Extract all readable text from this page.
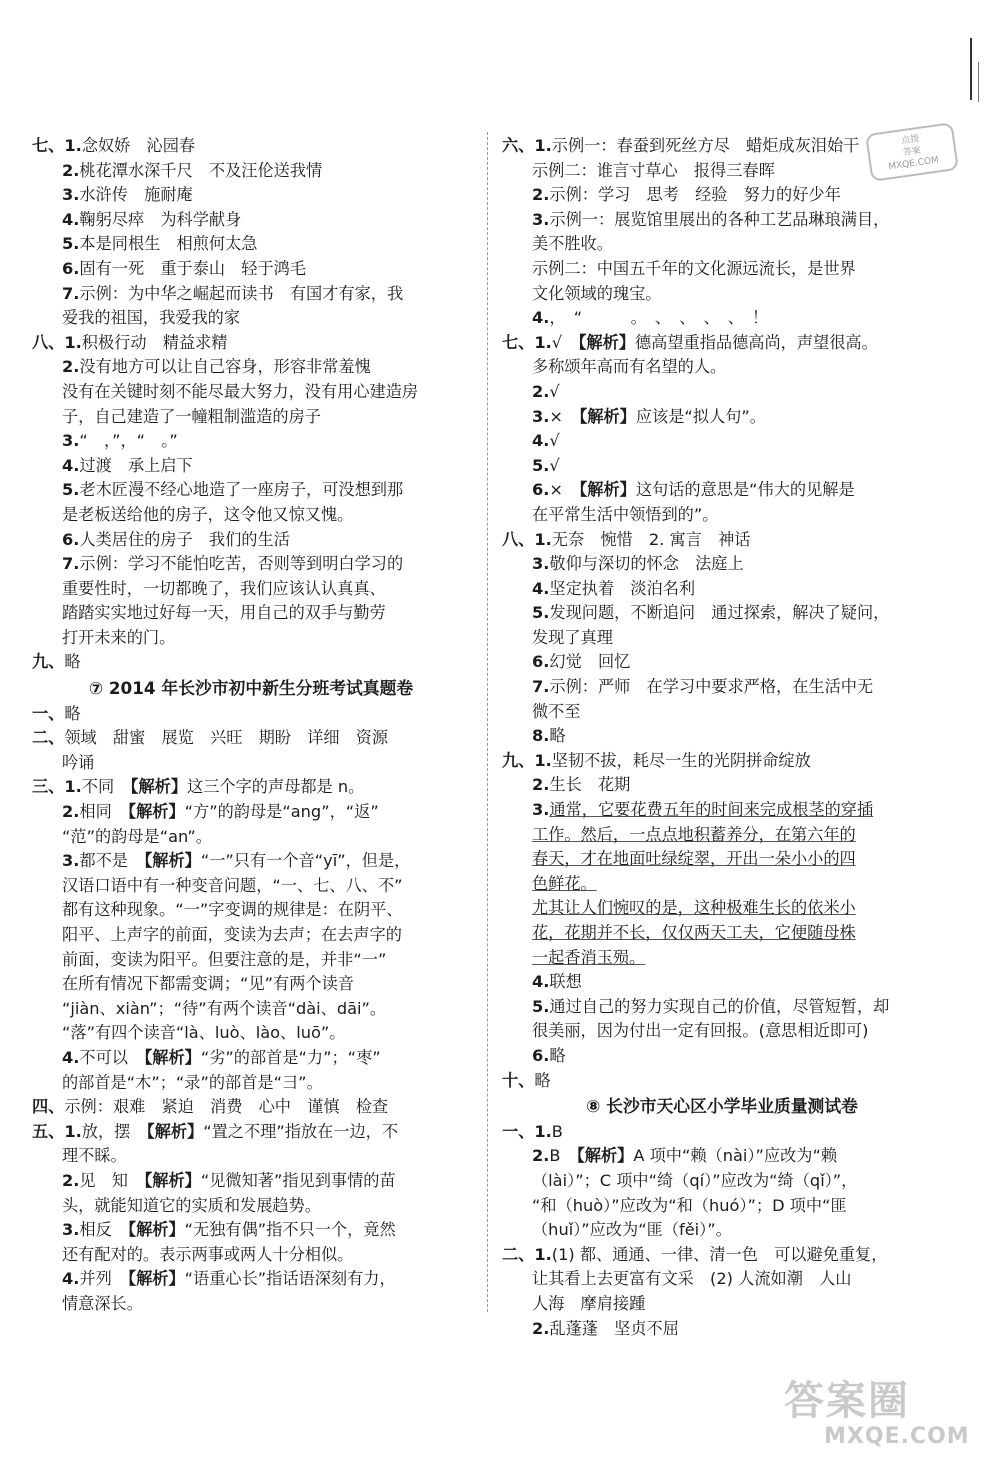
点拨
答案
MXQE.COM
七、1.念奴娇　沁园春
2.桃花潭水深千尺　不及汪伦送我情
3.水浒传　施耐庵
4.鞠躬尽瘁　为科学献身
5.本是同根生　相煎何太急
6.固有一死　重于泰山　轻于鸿毛
7.示例：为中华之崛起而读书　有国才有家，我
爱我的祖国，我爱我的家
八、1.积极行动　精益求精
2.没有地方可以让自己容身，形容非常羞愧
没有在关键时刻不能尽最大努力，没有用心建造房
子，自己建造了一幢粗制滥造的房子
3.“　，”，“　。”
4.过渡　承上启下
5.老木匠漫不经心地造了一座房子，可没想到那
是老板送给他的房子，这令他又惊又愧。
6.人类居住的房子　我们的生活
7.示例：学习不能怕吃苦，否则等到明白学习的
重要性时，一切都晚了，我们应该认认真真、
踏踏实实地过好每一天，用自己的双手与勤劳
打开未来的门。
九、略
⑦ 2014 年长沙市初中新生分班考试真题卷
一、略
二、领域　甜蜜　展览　兴旺　期盼　详细　资源
吟诵
三、1.不同　【解析】这三个字的声母都是 n。
2.相同　【解析】“方”的韵母是“ang”，“返”
“范”的韵母是“an”。
3.都不是　【解析】“一”只有一个音“yī”，但是，
汉语口语中有一种变音问题，“一、七、八、不”
都有这种现象。“一”字变调的规律是：在阴平、
阳平、上声字的前面，变读为去声；在去声字的
前面，变读为阳平。但要注意的是，并非“一”
在所有情况下都需变调；“见”有两个读音
“jiàn、xiàn”；“待”有两个读音“dài、dāi”。
“落”有四个读音“là、luò、lào、luō”。
4.不可以　【解析】“劣”的部首是“力”；“枣”
的部首是“木”；“录”的部首是“彐”。
四、示例：艰难　紧迫　消费　心中　谨慎　检查
五、1.放，摆　【解析】“置之不理”指放在一边，不
理不睬。
2.见　知　【解析】“见微知著”指见到事情的苗
头，就能知道它的实质和发展趋势。
3.相反　【解析】“无独有偶”指不只一个，竟然
还有配对的。表示两事或两人十分相似。
4.并列　【解析】“语重心长”指话语深刻有力，
情意深长。
六、1.示例一：春蚕到死丝方尽　蜡炬成灰泪始干
示例二：谁言寸草心　报得三春晖
2.示例：学习　思考　经验　努力的好少年
3.示例一：展览馆里展出的各种工艺品琳琅满目，
美不胜收。
示例二：中国五千年的文化源远流长，是世界
文化领域的瑰宝。
4.，　“　　　。　、　、　、　、　！
七、1.√　【解析】德高望重指品德高尚，声望很高。
多称颂年高而有名望的人。
2.√
3.×　【解析】应该是“拟人句”。
4.√
5.√
6.×　【解析】这句话的意思是“伟大的见解是
在平常生活中领悟到的”。
八、1.无奈　惋惜　2. 寓言　神话
3.敬仰与深切的怀念　法庭上
4.坚定执着　淡泊名利
5.发现问题，不断追问　通过探索，解决了疑问，
发现了真理
6.幻觉　回忆
7.示例：严师　在学习中要求严格，在生活中无
微不至
8.略
九、1.坚韧不拔，耗尽一生的光阴拼命绽放
2.生长　花期
3.通常，它要花费五年的时间来完成根茎的穿插
工作。然后，一点点地积蓄养分，在第六年的
春天，才在地面吐绿绽翠，开出一朵小小的四
色鲜花。
尤其让人们惋叹的是，这种极难生长的依米小
花，花期并不长，仅仅两天工夫，它便随母株
一起香消玉殒。
4.联想
5.通过自己的努力实现自己的价值，尽管短暂，却
很美丽，因为付出一定有回报。(意思相近即可)
6.略
十、略
⑧ 长沙市天心区小学毕业质量测试卷
一、1.B
2.B　【解析】A 项中“赖（nài）”应改为“赖
（lài）”；C 项中“绮（qí）”应改为“绮（qǐ）”，
“和（huò）”应改为“和（huó）”；D 项中“匪
（huǐ）”应改为“匪（fěi）”。
二、1.(1) 都、通通、一律、清一色　可以避免重复，
让其看上去更富有文采　(2) 人流如潮　人山
人海　摩肩接踵
2.乱蓬蓬　坚贞不屈
答案圈
MXQE.COM
